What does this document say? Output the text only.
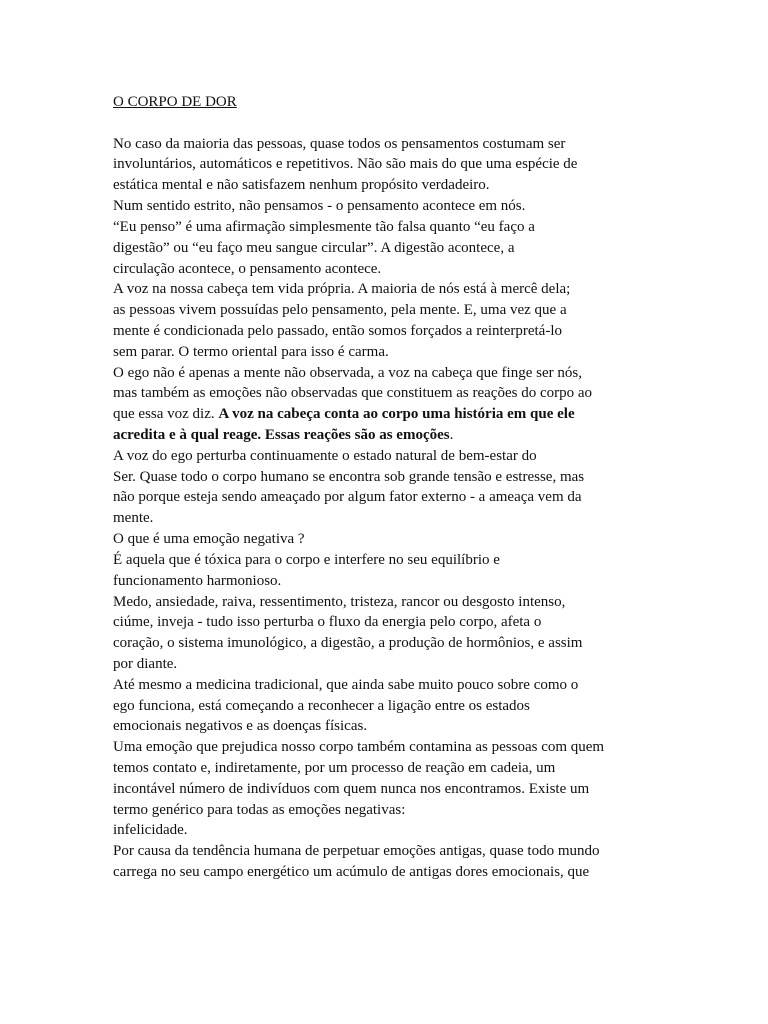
O CORPO DE DOR
No caso da maioria das pessoas, quase todos os pensamentos costumam ser
involuntários, automáticos e repetitivos. Não são mais do que uma espécie de
estática mental e não satisfazem nenhum propósito verdadeiro.
Num sentido estrito, não pensamos - o pensamento acontece em nós.
“Eu penso” é uma afirmação simplesmente tão falsa quanto “eu faço a
digestão” ou “eu faço meu sangue circular”. A digestão acontece, a
circulação acontece, o pensamento acontece.
A voz na nossa cabeça tem vida própria. A maioria de nós está à mercê dela;
as pessoas vivem possuídas pelo pensamento, pela mente. E, uma vez que a
mente é condicionada pelo passado, então somos forçados a reinterpretá-lo
sem parar. O termo oriental para isso é carma.
O ego não é apenas a mente não observada, a voz na cabeça que finge ser nós,
mas também as emoções não observadas que constituem as reações do corpo ao
que essa voz diz. A voz na cabeça conta ao corpo uma história em que ele
acredita e à qual reage. Essas reações são as emoções.
A voz do ego perturba continuamente o estado natural de bem-estar do
Ser. Quase todo o corpo humano se encontra sob grande tensão e estresse, mas
não porque esteja sendo ameaçado por algum fator externo - a ameaça vem da
mente.
O que é uma emoção negativa ?
É aquela que é tóxica para o corpo e interfere no seu equilíbrio e
funcionamento harmonioso.
Medo, ansiedade, raiva, ressentimento, tristeza, rancor ou desgosto intenso,
ciúme, inveja - tudo isso perturba o fluxo da energia pelo corpo, afeta o
coração, o sistema imunológico, a digestão, a produção de hormônios, e assim
por diante.
Até mesmo a medicina tradicional, que ainda sabe muito pouco sobre como o
ego funciona, está começando a reconhecer a ligação entre os estados
emocionais negativos e as doenças físicas.
Uma emoção que prejudica nosso corpo também contamina as pessoas com quem
temos contato e, indiretamente, por um processo de reação em cadeia, um
incontável número de indivíduos com quem nunca nos encontramos. Existe um
termo genérico para todas as emoções negativas:
infelicidade.
Por causa da tendência humana de perpetuar emoções antigas, quase todo mundo
carrega no seu campo energético um acúmulo de antigas dores emocionais, que
